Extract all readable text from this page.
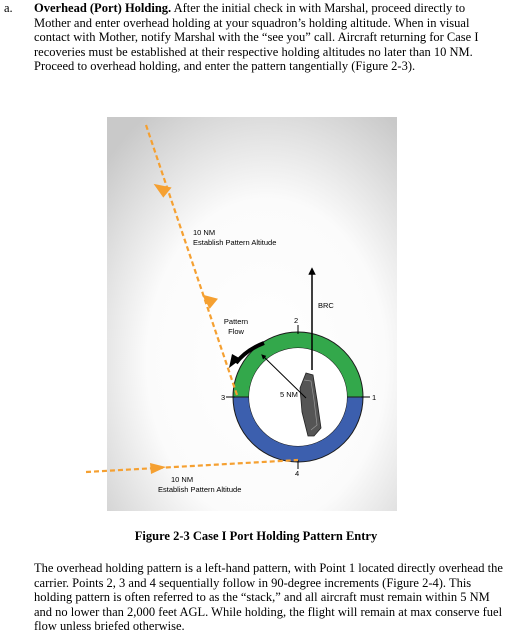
a. Overhead (Port) Holding. After the initial check in with Marshal, proceed directly to Mother and enter overhead holding at your squadron’s holding altitude. When in visual contact with Mother, notify Marshal with the “see you” call. Aircraft returning for Case I recoveries must be established at their respective holding altitudes no later than 10 NM. Proceed to overhead holding, and enter the pattern tangentially (Figure 2-3).
10 NM
Establish Pattern Altitude
BRC
Pattern
Flow
5 NM
2
3	1
4
10 NM
Establish Pattern Altitude
Figure 2-3 Case I Port Holding Pattern Entry
The overhead holding pattern is a left-hand pattern, with Point 1 located directly overhead the carrier. Points 2, 3 and 4 sequentially follow in 90-degree increments (Figure 2-4). This holding pattern is often referred to as the “stack,” and all aircraft must remain within 5 NM and no lower than 2,000 feet AGL. While holding, the flight will remain at max conserve fuel flow unless briefed otherwise.
